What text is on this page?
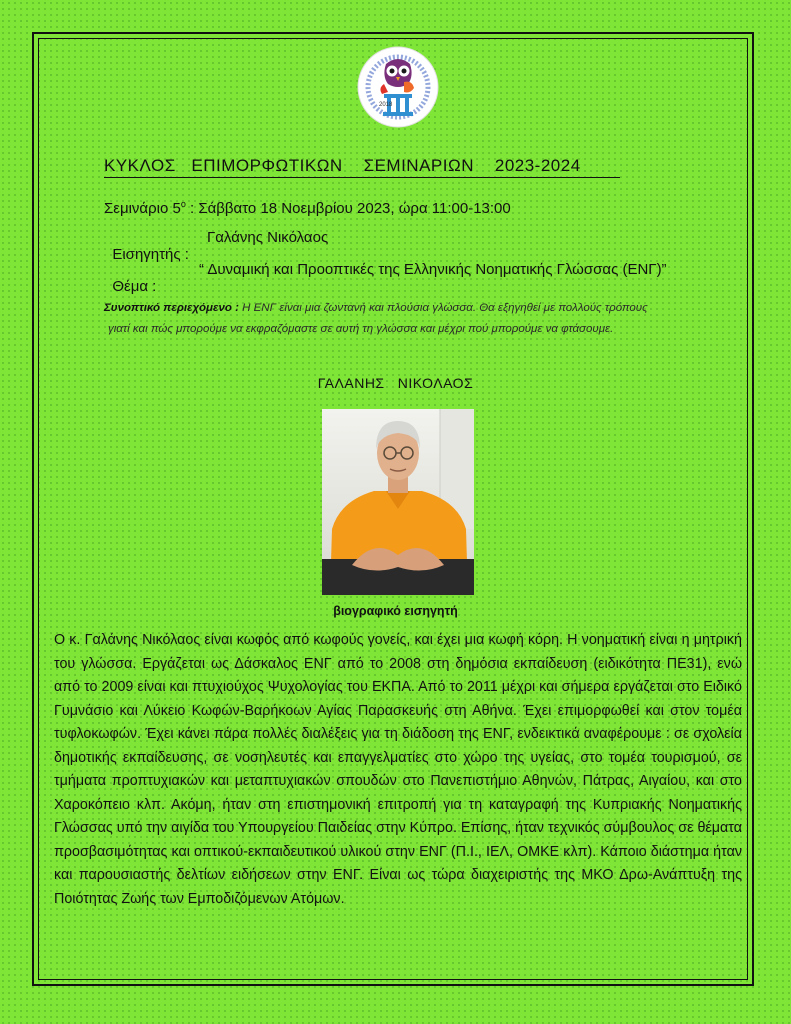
2018
ΚΥΚΛΟΣ   ΕΠΙΜΟΡΦΩΤΙΚΩΝ    ΣΕΜΙΝΑΡΙΩΝ    2023-2024
Σεμινάριο $5^o$ : Σάββατο 18 Νοεμβρίου 2023, ώρα 11:00-13:00

Εισηγητής :

Γαλάνης Νικόλαος

Θέμα :

“ Δυναμική και Προοπτικές της Ελληνικής Νοηματικής Γλώσσας (ΕΝΓ)”

Συνοπτικό περιεχόμενο : Η ΕΝΓ είναι μια ζωντανή και πλούσια γλώσσα. Θα εξηγηθεί με πολλούς τρόπους
γιατί και πώς μπορούμε να εκφραζόμαστε σε αυτή τη γλώσσα και μέχρι πού μπορούμε να φτάσουμε.
ΓΑΛΑΝΗΣ   ΝΙΚΟΛΑΟΣ
βιογραφικό εισηγητή
Ο κ. Γαλάνης Νικόλαος είναι κωφός από κωφούς γονείς, και έχει μια κωφή κόρη. Η νοηματική είναι η μητρική του γλώσσα. Εργάζεται ως Δάσκαλος ΕΝΓ από το 2008 στη δημόσια εκπαίδευση (ειδικότητα ΠΕ31), ενώ από το 2009 είναι και πτυχιούχος Ψυχολογίας του ΕΚΠΑ. Από το 2011 μέχρι και σήμερα εργάζεται στο Ειδικό Γυμνάσιο και Λύκειο Κωφών-Βαρήκοων Αγίας Παρασκευής στη Αθήνα. Έχει επιμορφωθεί και στον τομέα τυφλοκωφών. Έχει κάνει πάρα πολλές διαλέξεις για τη διάδοση της ΕΝΓ, ενδεικτικά αναφέρουμε : σε σχολεία δημοτικής εκπαίδευσης, σε νοσηλευτές και επαγγελματίες στο χώρο της υγείας, στο τομέα τουρισμού, σε τμήματα προπτυχιακών και μεταπτυχιακών σπουδών στο Πανεπιστήμιο Αθηνών, Πάτρας, Αιγαίου, και στο Χαροκόπειο κλπ. Ακόμη, ήταν στη επιστημονική επιτροπή για τη καταγραφή της Κυπριακής Νοηματικής Γλώσσας υπό την αιγίδα του Υπουργείου Παιδείας στην Κύπρο. Επίσης, ήταν τεχνικός σύμβουλος σε θέματα προσβασιμότητας και οπτικού-εκπαιδευτικού υλικού στην ΕΝΓ (Π.Ι., ΙΕΛ, ΟΜΚΕ κλπ). Κάποιο διάστημα ήταν και παρουσιαστής δελτίων ειδήσεων στην ΕΝΓ. Είναι ως τώρα διαχειριστής της ΜΚΟ Δρω-Ανάπτυξη της Ποιότητας Ζωής των Εμποδιζόμενων Ατόμων.
